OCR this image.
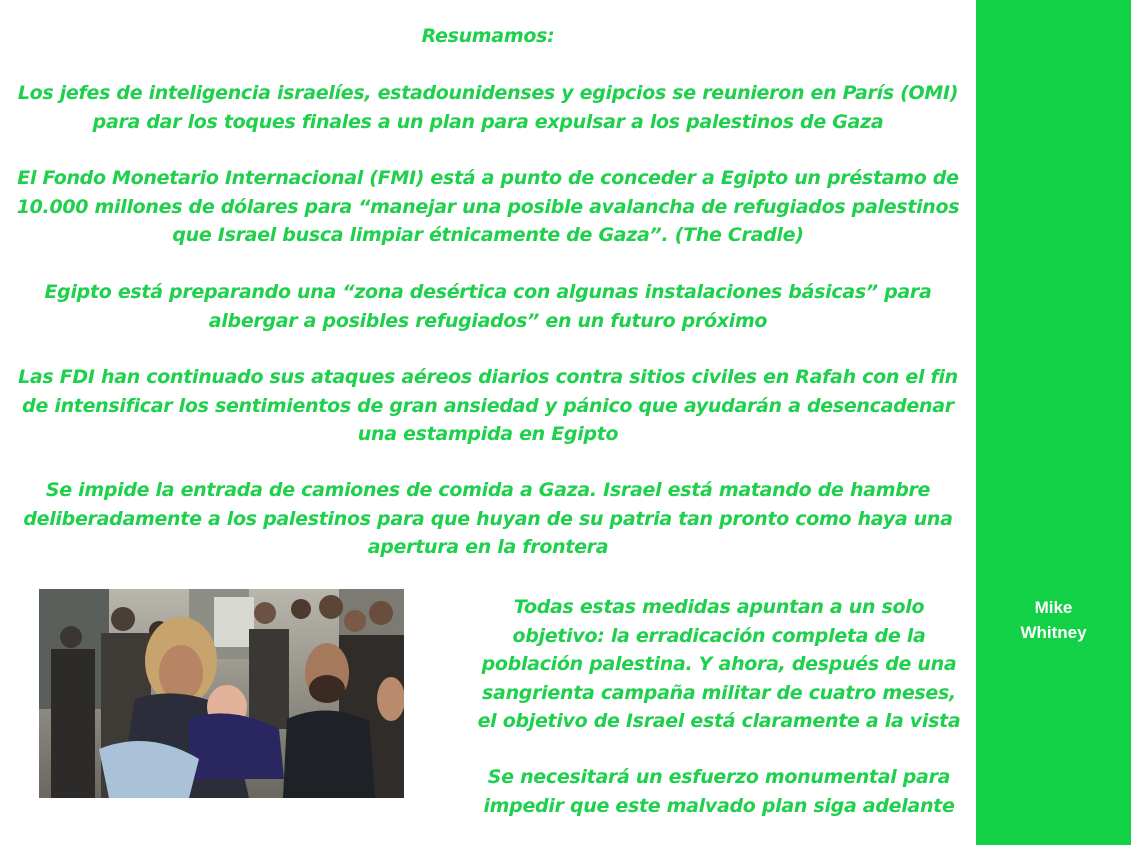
Resumamos:

Los jefes de inteligencia israelíes, estadounidenses y egipcios se reunieron en París (OMI) para dar los toques finales a un plan para expulsar a los palestinos de Gaza

El Fondo Monetario Internacional (FMI) está a punto de conceder a Egipto un préstamo de 10.000 millones de dólares para “manejar una posible avalancha de refugiados palestinos que Israel busca limpiar étnicamente de Gaza”. (The Cradle)

Egipto está preparando una “zona desértica con algunas instalaciones básicas” para albergar a posibles refugiados” en un futuro próximo

Las FDI han continuado sus ataques aéreos diarios contra sitios civiles en Rafah con el fin de intensificar los sentimientos de gran ansiedad y pánico que ayudarán a desencadenar una estampida en Egipto

Se impide la entrada de camiones de comida a Gaza. Israel está matando de hambre deliberadamente a los palestinos para que huyan de su patria tan pronto como haya una apertura en la frontera

Todas estas medidas apuntan a un solo objetivo: la erradicación completa de la población palestina. Y ahora, después de una sangrienta campaña militar de cuatro meses, el objetivo de Israel está claramente a la vista

Se necesitará un esfuerzo monumental para impedir que este malvado plan siga adelante

Mike
Whitney
